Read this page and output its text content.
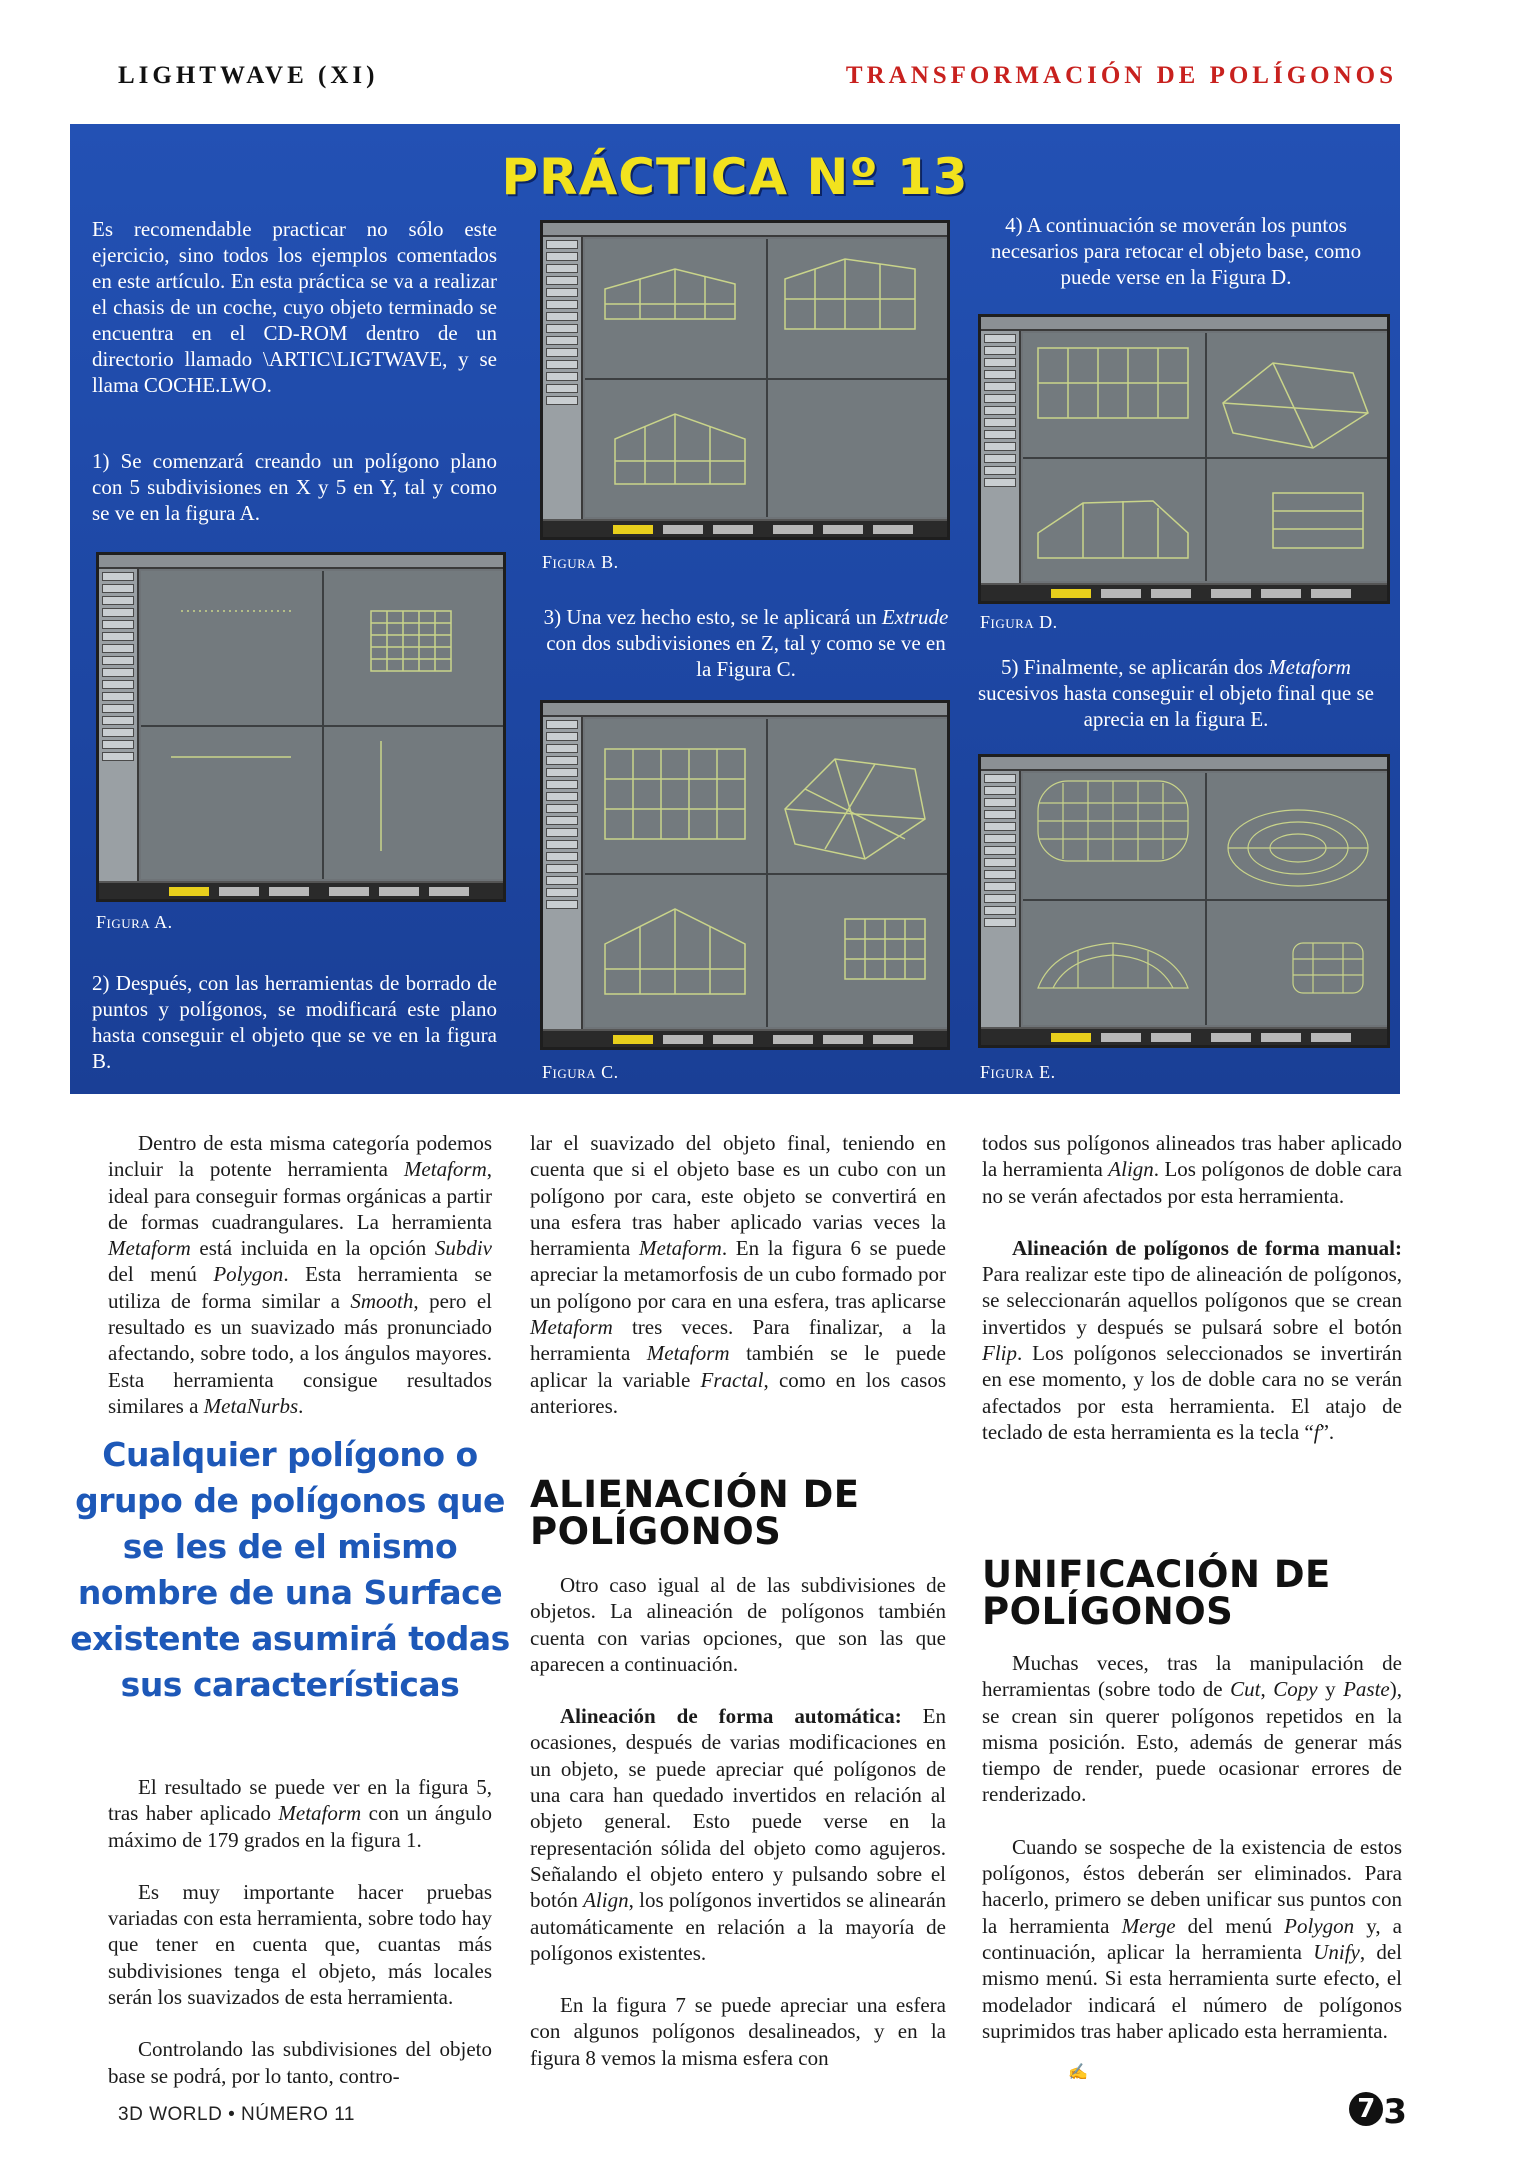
LIGHTWAVE (XI)	TRANSFORMACIÓN DE POLÍGONOS
PRÁCTICA Nº 13
Es recomendable practicar no sólo este ejercicio, sino todos los ejemplos comentados en este artículo. En esta práctica se va a realizar el chasis de un coche, cuyo objeto terminado se encuentra en el CD-ROM dentro de un directorio llamado \ARTIC\LIGTWAVE, y se llama COCHE.LWO.
1) Se comenzará creando un polígono plano con 5 subdivisiones en X y 5 en Y, tal y como se ve en la figura A.
Figura A.
2) Después, con las herramientas de borrado de puntos y polígonos, se modificará este plano hasta conseguir el objeto que se ve en la figura B.
Figura B.
3) Una vez hecho esto, se le aplicará un Extrude con dos subdivisiones en Z, tal y como se ve en la Figura C.
Figura C.
4) A continuación se moverán los puntos necesarios para retocar el objeto base, como puede verse en la Figura D.
Figura D.
5) Finalmente, se aplicarán dos Metaform sucesivos hasta conseguir el objeto final que se aprecia en la figura E.
Figura E.

Dentro de esta misma categoría podemos incluir la potente herramienta Metaform, ideal para conseguir formas orgánicas a partir de formas cuadrangulares. La herramienta Metaform está incluida en la opción Subdiv del menú Polygon. Esta herramienta se utiliza de forma similar a Smooth, pero el resultado es un suavizado más pronunciado afectando, sobre todo, a los ángulos mayores. Esta herramienta consigue resultados similares a MetaNurbs.

Cualquier polígono o grupo de polígonos que se les de el mismo nombre de una Surface existente asumirá todas sus características

El resultado se puede ver en la figura 5, tras haber aplicado Metaform con un ángulo máximo de 179 grados en la figura 1.

Es muy importante hacer pruebas variadas con esta herramienta, sobre todo hay que tener en cuenta que, cuantas más subdivisiones tenga el objeto, más locales serán los suavizados de esta herramienta.

Controlando las subdivisiones del objeto base se podrá, por lo tanto, contro-

lar el suavizado del objeto final, teniendo en cuenta que si el objeto base es un cubo con un polígono por cara, este objeto se convertirá en una esfera tras haber aplicado varias veces la herramienta Metaform. En la figura 6 se puede apreciar la metamorfosis de un cubo formado por un polígono por cara en una esfera, tras aplicarse Metaform tres veces. Para finalizar, a la herramienta Metaform también se le puede aplicar la variable Fractal, como en los casos anteriores.

ALIENACIÓN DE
POLÍGONOS

Otro caso igual al de las subdivisiones de objetos. La alineación de polígonos también cuenta con varias opciones, que son las que aparecen a continuación.

Alineación de forma automática: En ocasiones, después de varias modificaciones en un objeto, se puede apreciar qué polígonos de una cara han quedado invertidos en relación al objeto general. Esto puede verse en la representación sólida del objeto como agujeros. Señalando el objeto entero y pulsando sobre el botón Align, los polígonos invertidos se alinearán automáticamente en relación a la mayoría de polígonos existentes.

En la figura 7 se puede apreciar una esfera con algunos polígonos desalineados, y en la figura 8 vemos la misma esfera con

todos sus polígonos alineados tras haber aplicado la herramienta Align. Los polígonos de doble cara no se verán afectados por esta herramienta.

Alineación de polígonos de forma manual: Para realizar este tipo de alineación de polígonos, se seleccionarán aquellos polígonos que se crean invertidos y después se pulsará sobre el botón Flip. Los polígonos seleccionados se invertirán en ese momento, y los de doble cara no se verán afectados por esta herramienta. El atajo de teclado de esta herramienta es la tecla “f”.

UNIFICACIÓN DE
POLÍGONOS

Muchas veces, tras la manipulación de herramientas (sobre todo de Cut, Copy y Paste), se crean sin querer polígonos repetidos en la misma posición. Esto, además de generar más tiempo de render, puede ocasionar errores de renderizado.

Cuando se sospeche de la existencia de estos polígonos, éstos deberán ser eliminados. Para hacerlo, primero se deben unificar sus puntos con la herramienta Merge del menú Polygon y, a continuación, aplicar la herramienta Unify, del mismo menú. Si esta herramienta surte efecto, el modelador indicará el número de polígonos suprimidos tras haber aplicado esta herramienta.

✍
3D WORLD • NÚMERO 11	7 3
